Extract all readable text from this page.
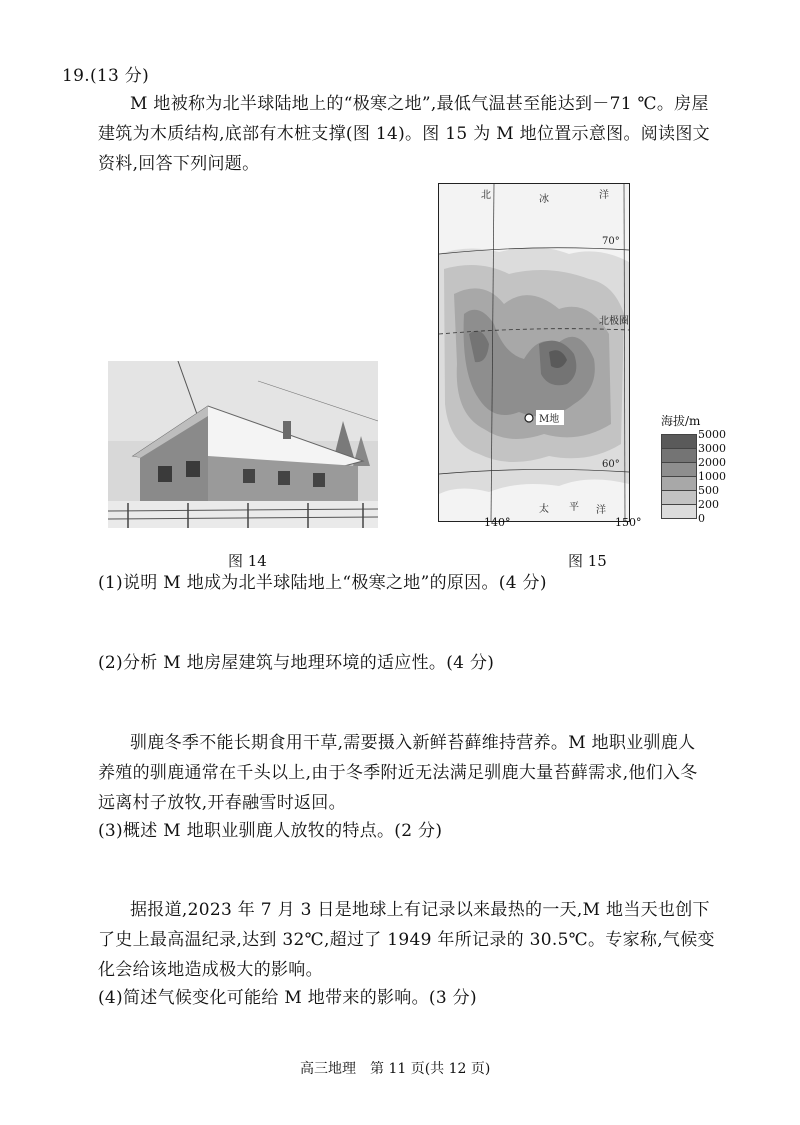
19.(13 分)
M 地被称为北半球陆地上的“极寒之地”,最低气温甚至能达到－71 ℃。房屋
建筑为木质结构,底部有木桩支撑(图 14)。图 15 为 M 地位置示意图。阅读图文
资料,回答下列问题。
北	冰	洋
70°
北极圈
M地
60°
太 平 洋
140°	150°
海拔/m
5000
3000
2000
1000
500
200
0
图 14	图 15
(1)说明 M 地成为北半球陆地上“极寒之地”的原因。(4 分)
(2)分析 M 地房屋建筑与地理环境的适应性。(4 分)
驯鹿冬季不能长期食用干草,需要摄入新鲜苔藓维持营养。M 地职业驯鹿人
养殖的驯鹿通常在千头以上,由于冬季附近无法满足驯鹿大量苔藓需求,他们入冬
远离村子放牧,开春融雪时返回。
(3)概述 M 地职业驯鹿人放牧的特点。(2 分)
据报道,2023 年 7 月 3 日是地球上有记录以来最热的一天,M 地当天也创下
了史上最高温纪录,达到 32℃,超过了 1949 年所记录的 30.5℃。专家称,气候变
化会给该地造成极大的影响。
(4)简述气候变化可能给 M 地带来的影响。(3 分)
高三地理　第 11 页(共 12 页)
